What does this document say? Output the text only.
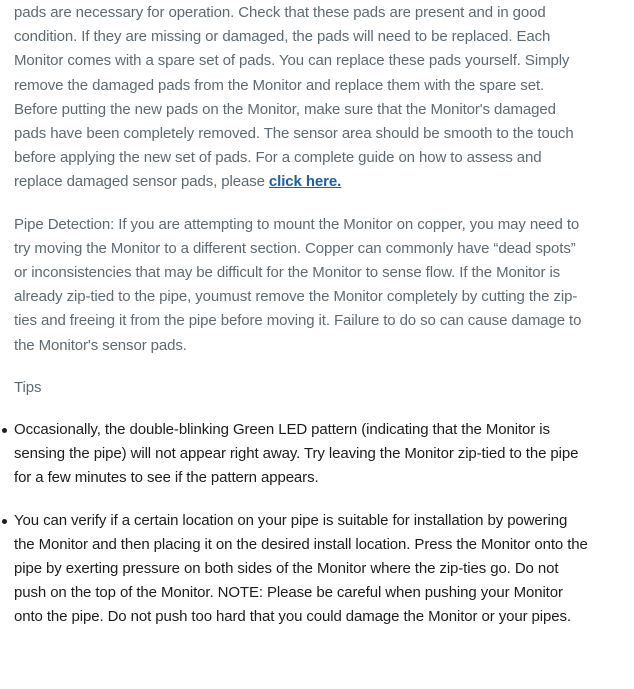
pads are necessary for operation. Check that these pads are present and in good condition. If they are missing or damaged, the pads will need to be replaced. Each Monitor comes with a spare set of pads. You can replace these pads yourself. Simply remove the damaged pads from the Monitor and replace them with the spare set. Before putting the new pads on the Monitor, make sure that the Monitor's damaged pads have been completely removed. The sensor area should be smooth to the touch before applying the new set of pads. For a complete guide on how to assess and replace damaged sensor pads, please click here.

Pipe Detection: If you are attempting to mount the Monitor on copper, you may need to try moving the Monitor to a different section. Copper can commonly have “dead spots” or inconsistencies that may be difficult for the Monitor to sense flow. If the Monitor is already zip-tied to the pipe, youmust remove the Monitor completely by cutting the zip-ties and freeing it from the pipe before moving it. Failure to do so can cause damage to the Monitor's sensor pads.

Tips

Occasionally, the double-blinking Green LED pattern (indicating that the Monitor is sensing the pipe) will not appear right away. Try leaving the Monitor zip-tied to the pipe for a few minutes to see if the pattern appears.
You can verify if a certain location on your pipe is suitable for installation by powering the Monitor and then placing it on the desired install location. Press the Monitor onto the pipe by exerting pressure on both sides of the Monitor where the zip-ties go. Do not push on the top of the Monitor. NOTE: Please be careful when pushing your Monitor onto the pipe. Do not push too hard that you could damage the Monitor or your pipes.
